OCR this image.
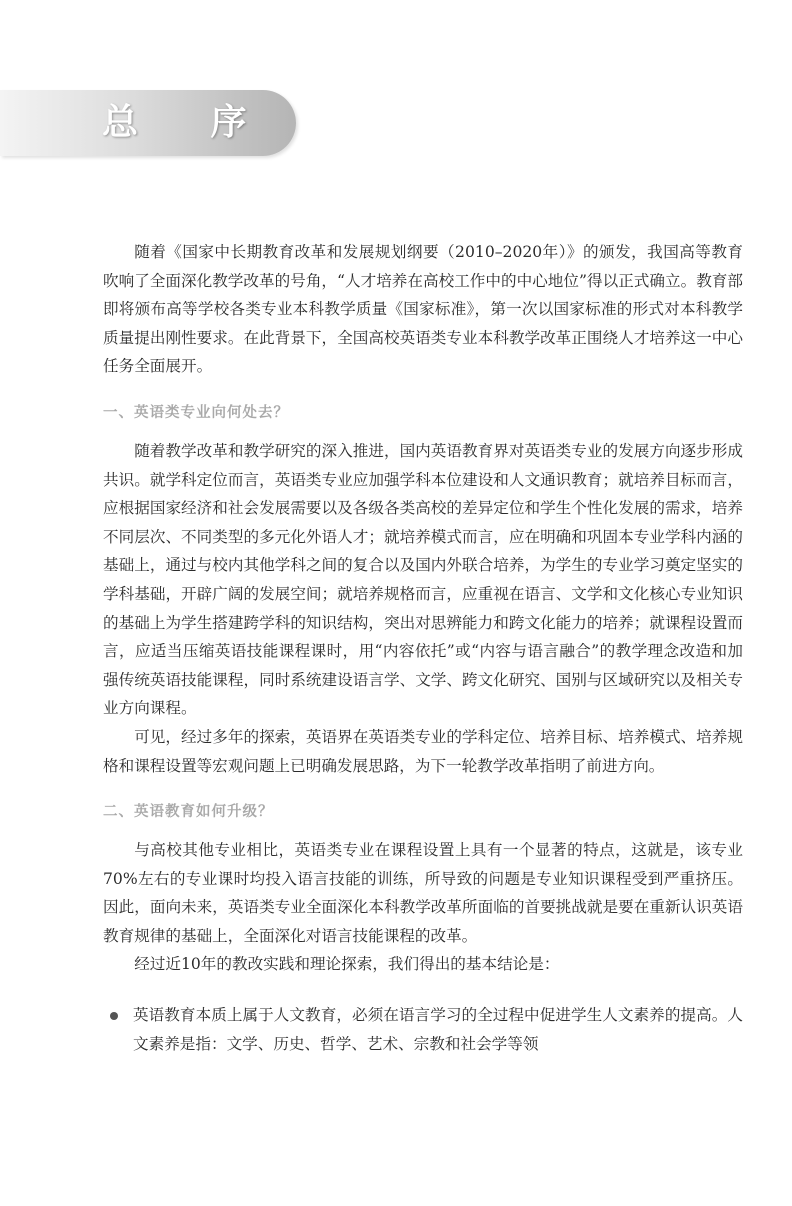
总 序

随着《国家中长期教育改革和发展规划纲要（2010–2020年）》的颁发，我国高等教育吹响了全面深化教学改革的号角，“人才培养在高校工作中的中心地位”得以正式确立。教育部即将颁布高等学校各类专业本科教学质量《国家标准》，第一次以国家标准的形式对本科教学质量提出刚性要求。在此背景下，全国高校英语类专业本科教学改革正围绕人才培养这一中心任务全面展开。

一、英语类专业向何处去？

随着教学改革和教学研究的深入推进，国内英语教育界对英语类专业的发展方向逐步形成共识。就学科定位而言，英语类专业应加强学科本位建设和人文通识教育；就培养目标而言，应根据国家经济和社会发展需要以及各级各类高校的差异定位和学生个性化发展的需求，培养不同层次、不同类型的多元化外语人才；就培养模式而言，应在明确和巩固本专业学科内涵的基础上，通过与校内其他学科之间的复合以及国内外联合培养，为学生的专业学习奠定坚实的学科基础，开辟广阔的发展空间；就培养规格而言，应重视在语言、文学和文化核心专业知识的基础上为学生搭建跨学科的知识结构，突出对思辨能力和跨文化能力的培养；就课程设置而言，应适当压缩英语技能课程课时，用“内容依托”或“内容与语言融合”的教学理念改造和加强传统英语技能课程，同时系统建设语言学、文学、跨文化研究、国别与区域研究以及相关专业方向课程。

可见，经过多年的探索，英语界在英语类专业的学科定位、培养目标、培养模式、培养规格和课程设置等宏观问题上已明确发展思路，为下一轮教学改革指明了前进方向。

二、英语教育如何升级？

与高校其他专业相比，英语类专业在课程设置上具有一个显著的特点，这就是，该专业70%左右的专业课时均投入语言技能的训练，所导致的问题是专业知识课程受到严重挤压。因此，面向未来，英语类专业全面深化本科教学改革所面临的首要挑战就是要在重新认识英语教育规律的基础上，全面深化对语言技能课程的改革。

经过近10年的教改实践和理论探索，我们得出的基本结论是：

英语教育本质上属于人文教育，必须在语言学习的全过程中促进学生人文素养的提高。人文素养是指：文学、历史、哲学、艺术、宗教和社会学等领
